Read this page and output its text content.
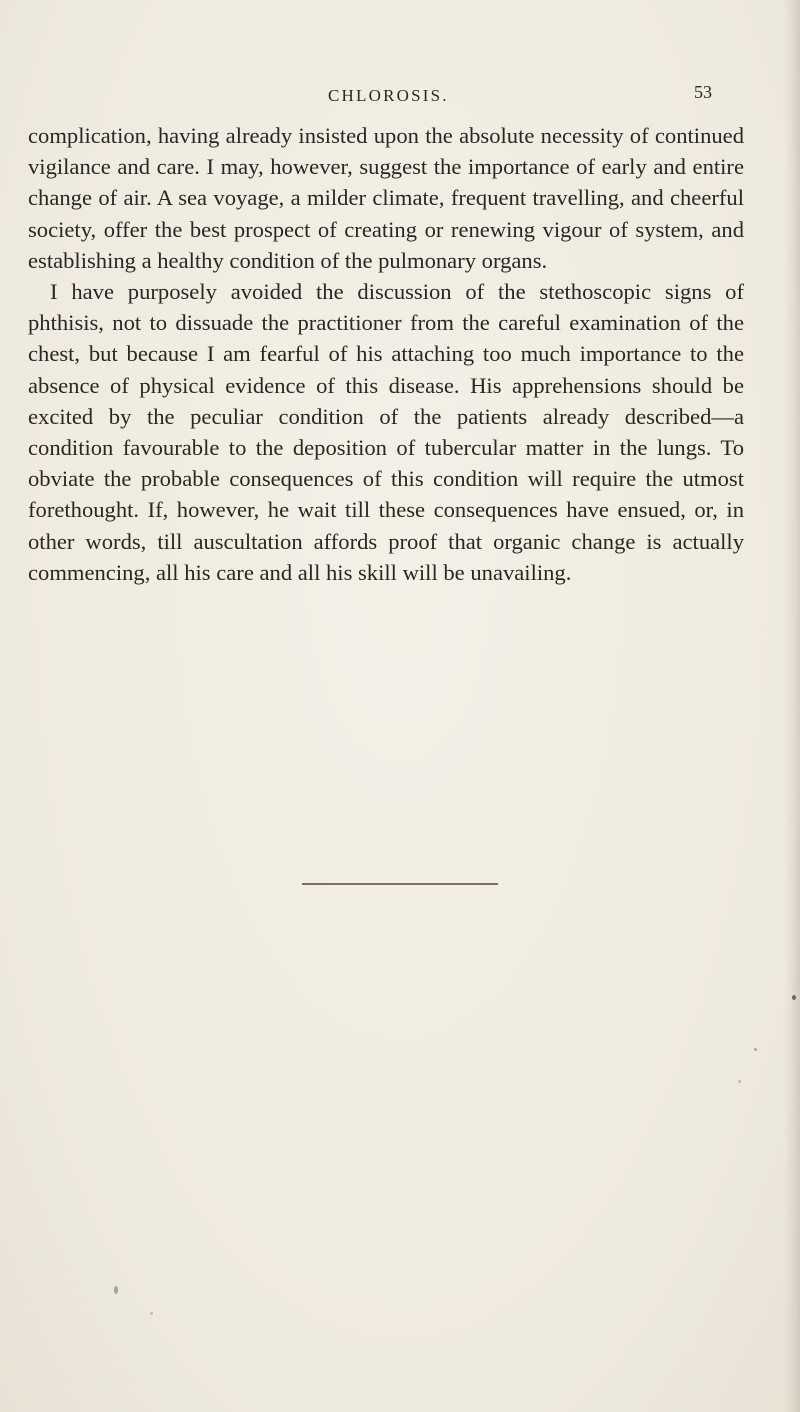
CHLOROSIS.	53

complication, having already insisted upon the absolute necessity of continued vigilance and care. I may, however, suggest the importance of early and entire change of air. A sea voyage, a milder climate, frequent travelling, and cheerful society, offer the best prospect of creating or renewing vigour of system, and establishing a healthy condition of the pulmonary organs.

I have purposely avoided the discussion of the stethoscopic signs of phthisis, not to dissuade the practitioner from the careful examination of the chest, but because I am fearful of his attaching too much importance to the absence of physical evidence of this disease. His apprehensions should be excited by the peculiar condition of the patients already described—a condition favourable to the deposition of tubercular matter in the lungs. To obviate the probable consequences of this condition will require the utmost forethought. If, however, he wait till these consequences have ensued, or, in other words, till auscultation affords proof that organic change is actually commencing, all his care and all his skill will be unavailing.
